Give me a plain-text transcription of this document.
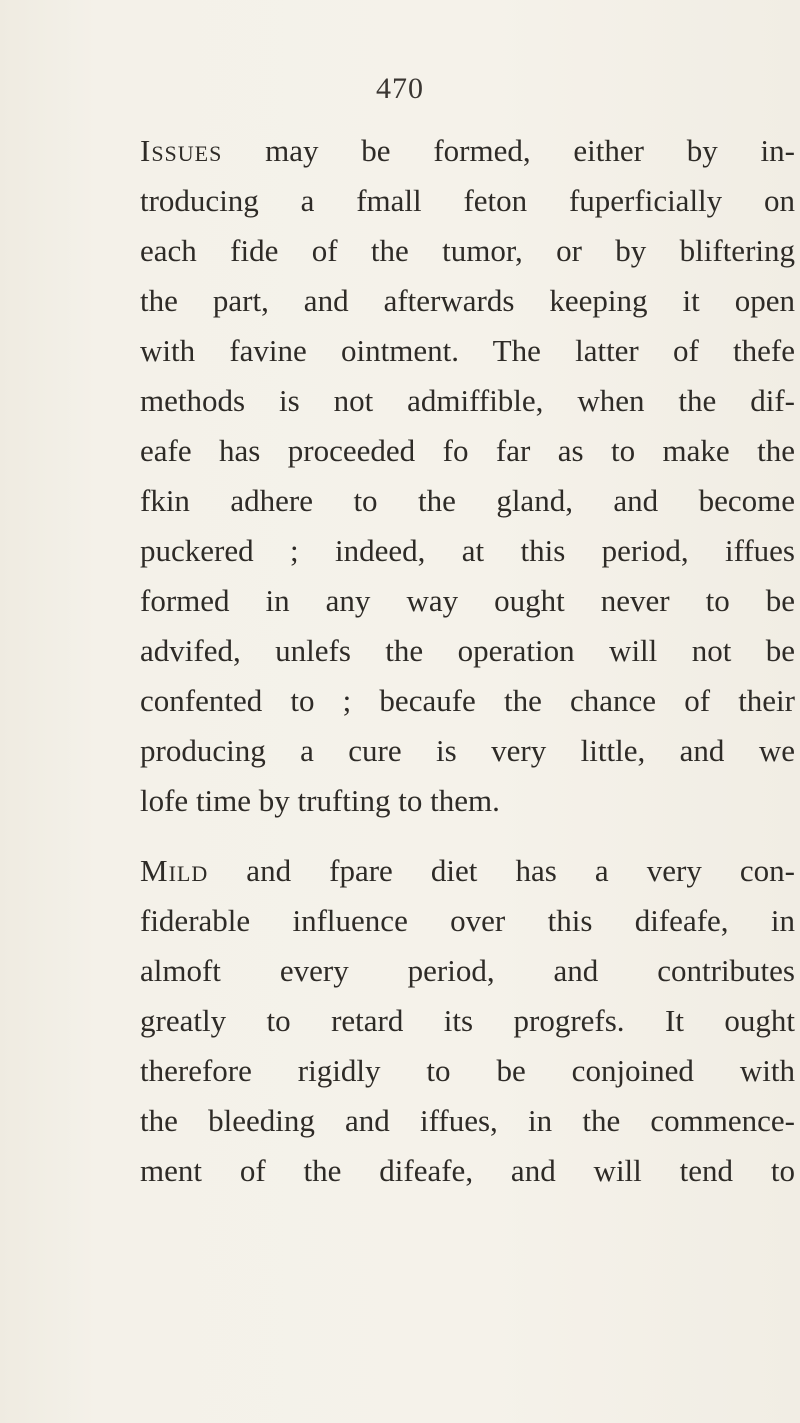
470
Issues may be formed, either by in-
troducing a fmall feton fuperficially on
each fide of the tumor, or by bliftering
the part, and afterwards keeping it open
with favine ointment. The latter of thefe
methods is not admiffible, when the dif-
eafe has proceeded fo far as to make the
fkin adhere to the gland, and become
puckered ; indeed, at this period, iffues
formed in any way ought never to be
advifed, unlefs the operation will not be
confented to ; becaufe the chance of their
producing a cure is very little, and we
lofe time by trufting to them.
Mild and fpare diet has a very con-
fiderable influence over this difeafe, in
almoft every period, and contributes
greatly to retard its progrefs. It ought
therefore rigidly to be conjoined with
the bleeding and iffues, in the commence-
ment of the difeafe, and will tend to
